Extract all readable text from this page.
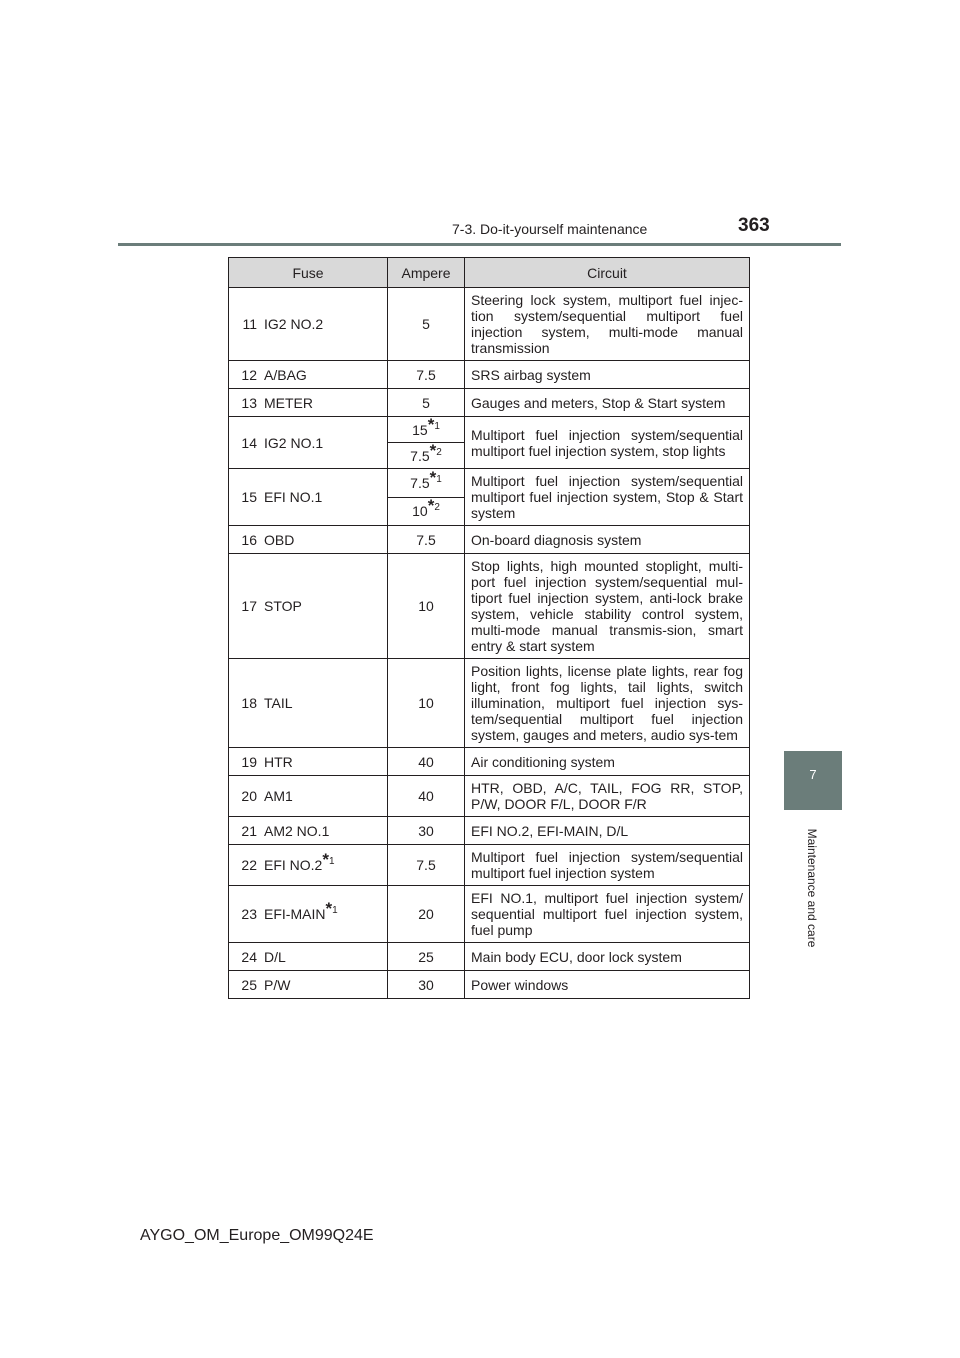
7-3. Do-it-yourself maintenance	363
7
Maintenance and care
Fuse		Ampere	Circuit
11	IG2 NO.2	5	Steering lock system, multiport fuel injec-tion system/sequential multiport fuel injection system, multi-mode manual transmission
12	A/BAG	7.5	SRS airbag system
13	METER	5	Gauges and meters, Stop & Start system
14	IG2 NO.1	15*$^1$	Multiport fuel injection system/sequential multiport fuel injection system, stop lights
		7.5*$^2$
15	EFI NO.1	7.5*$^1$	Multiport fuel injection system/sequential multiport fuel injection system, Stop & Start system
		10*$^2$
16	OBD	7.5	On-board diagnosis system
17	STOP	10	Stop lights, high mounted stoplight, multi-port fuel injection system/sequential mul-tiport fuel injection system, anti-lock brake system, vehicle stability control system, multi-mode manual transmis-sion, smart entry & start system
18	TAIL	10	Position lights, license plate lights, rear fog light, front fog lights, tail lights, switch illumination, multiport fuel injection sys-tem/sequential multiport fuel injection system, gauges and meters, audio sys-tem
19	HTR	40	Air conditioning system
20	AM1	40	HTR, OBD, A/C, TAIL, FOG RR, STOP, P/W, DOOR F/L, DOOR F/R
21	AM2 NO.1	30	EFI NO.2, EFI-MAIN, D/L
22	EFI NO.2*$^1$	7.5	Multiport fuel injection system/sequential multiport fuel injection system
23	EFI-MAIN*$^1$	20	EFI NO.1, multiport fuel injection system/ sequential multiport fuel injection system, fuel pump
24	D/L	25	Main body ECU, door lock system
25	P/W	30	Power windows
AYGO_OM_Europe_OM99Q24E
